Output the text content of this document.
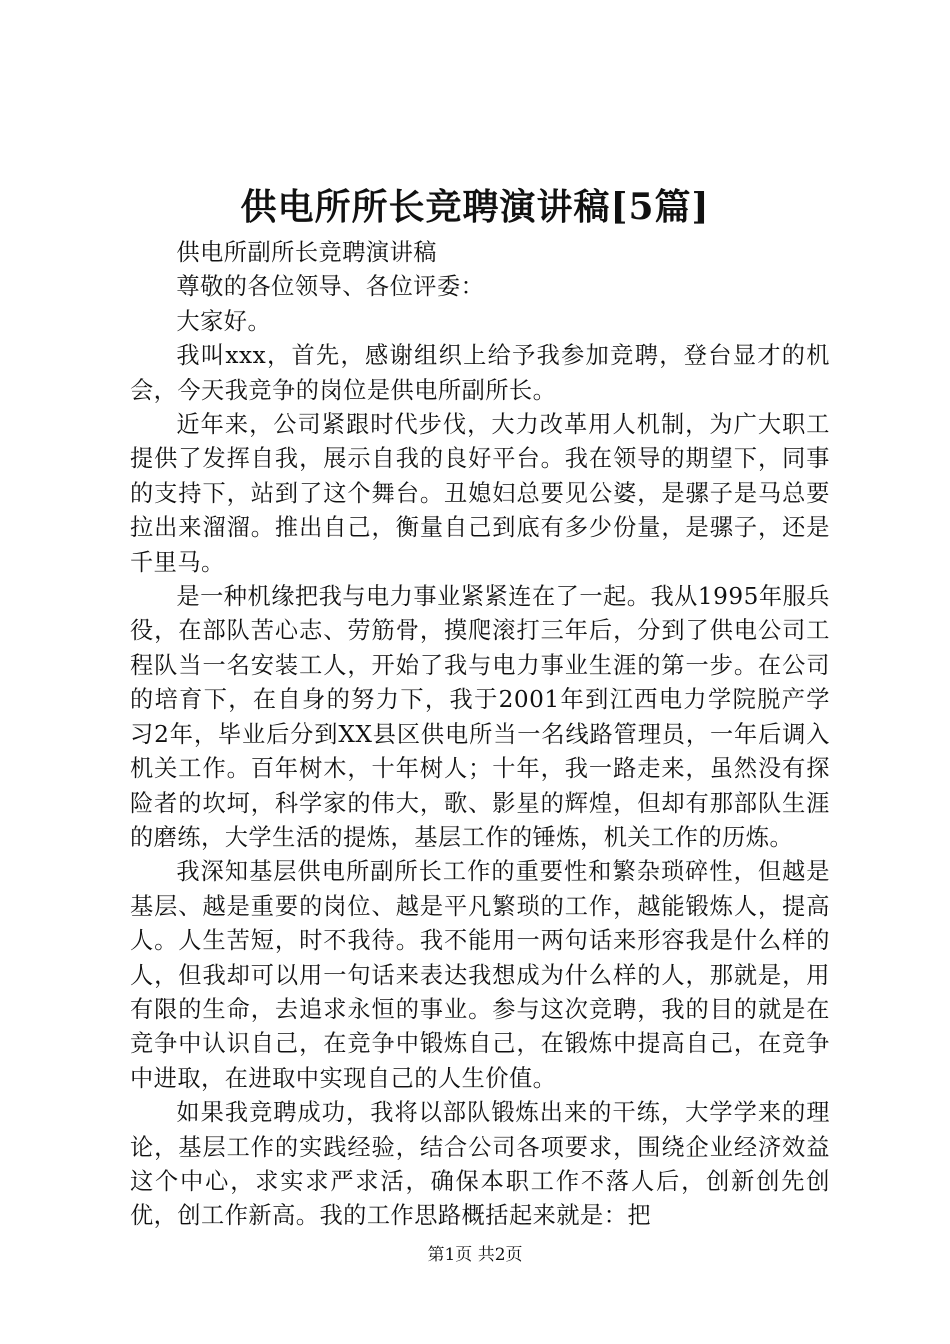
供电所所长竞聘演讲稿[5篇]

供电所副所长竞聘演讲稿

尊敬的各位领导、各位评委：

大家好。

我叫xxx，首先，感谢组织上给予我参加竞聘，登台显才的机会，今天我竞争的岗位是供电所副所长。

近年来，公司紧跟时代步伐，大力改革用人机制，为广大职工提供了发挥自我，展示自我的良好平台。我在领导的期望下，同事的支持下，站到了这个舞台。丑媳妇总要见公婆，是骡子是马总要拉出来溜溜。推出自己，衡量自己到底有多少份量，是骡子，还是千里马。

是一种机缘把我与电力事业紧紧连在了一起。我从1995年服兵役，在部队苦心志、劳筋骨，摸爬滚打三年后，分到了供电公司工程队当一名安装工人，开始了我与电力事业生涯的第一步。在公司的培育下，在自身的努力下，我于2001年到江西电力学院脱产学习2年，毕业后分到XX县区供电所当一名线路管理员，一年后调入机关工作。百年树木，十年树人；十年，我一路走来，虽然没有探险者的坎坷，科学家的伟大，歌、影星的辉煌，但却有那部队生涯的磨练，大学生活的提炼，基层工作的锤炼，机关工作的历炼。

我深知基层供电所副所长工作的重要性和繁杂琐碎性，但越是基层、越是重要的岗位、越是平凡繁琐的工作，越能锻炼人，提高人。人生苦短，时不我待。我不能用一两句话来形容我是什么样的人，但我却可以用一句话来表达我想成为什么样的人，那就是，用有限的生命，去追求永恒的事业。参与这次竞聘，我的目的就是在竞争中认识自己，在竞争中锻炼自己，在锻炼中提高自己，在竞争中进取，在进取中实现自己的人生价值。

如果我竞聘成功，我将以部队锻炼出来的干练，大学学来的理论，基层工作的实践经验，结合公司各项要求，围绕企业经济效益这个中心，求实求严求活，确保本职工作不落人后，创新创先创优，创工作新高。我的工作思路概括起来就是：把

第1页 共2页
